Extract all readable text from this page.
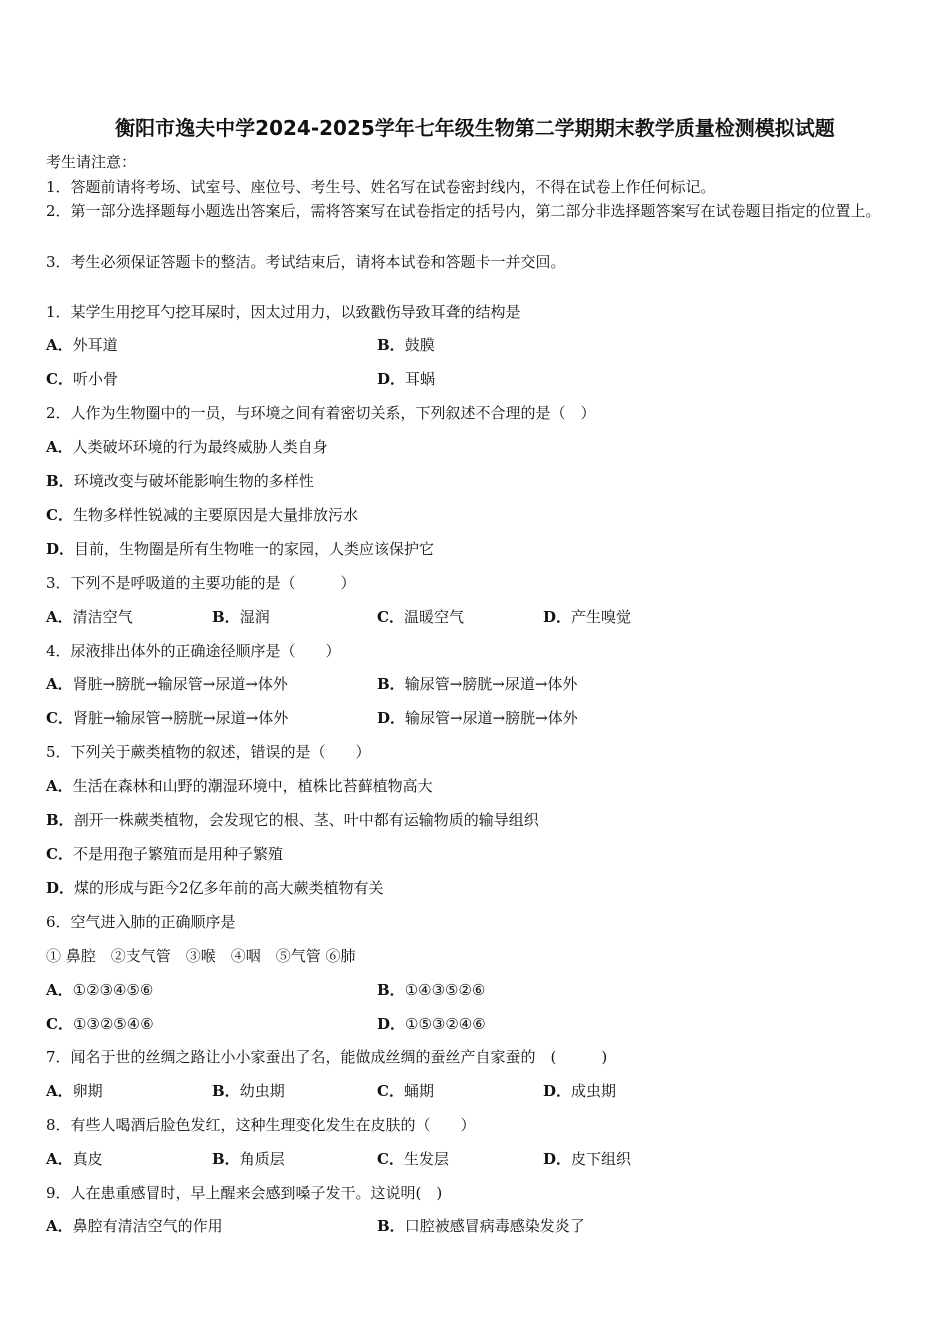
衡阳市逸夫中学2024-2025学年七年级生物第二学期期末教学质量检测模拟试题
考生请注意：
1．答题前请将考场、试室号、座位号、考生号、姓名写在试卷密封线内，不得在试卷上作任何标记。
2．第一部分选择题每小题选出答案后，需将答案写在试卷指定的括号内，第二部分非选择题答案写在试卷题目指定的位置上。
3．考生必须保证答题卡的整洁。考试结束后，请将本试卷和答题卡一并交回。
1．某学生用挖耳勺挖耳屎时，因太过用力，以致戳伤导致耳聋的结构是
A．外耳道	B．鼓膜
C．听小骨	D．耳蜗
2．人作为生物圈中的一员，与环境之间有着密切关系，下列叙述不合理的是（　）
A．人类破坏环境的行为最终威胁人类自身
B．环境改变与破坏能影响生物的多样性
C．生物多样性锐减的主要原因是大量排放污水
D．目前，生物圈是所有生物唯一的家园，人类应该保护它
3．下列不是呼吸道的主要功能的是（　　　）
A．清洁空气	B．湿润	C．温暖空气	D．产生嗅觉
4．尿液排出体外的正确途径顺序是（　　）
A．肾脏→膀胱→输尿管→尿道→体外	B．输尿管→膀胱→尿道→体外
C．肾脏→输尿管→膀胱→尿道→体外	D．输尿管→尿道→膀胱→体外
5．下列关于蕨类植物的叙述，错误的是（　　）
A．生活在森林和山野的潮湿环境中，植株比苔藓植物高大
B．剖开一株蕨类植物，会发现它的根、茎、叶中都有运输物质的输导组织
C．不是用孢子繁殖而是用种子繁殖
D．煤的形成与距今2亿多年前的高大蕨类植物有关
6．空气进入肺的正确顺序是
① 鼻腔　②支气管　③喉　④咽　⑤气管 ⑥肺
A．①②③④⑤⑥	B．①④③⑤②⑥
C．①③②⑤④⑥	D．①⑤③②④⑥
7．闻名于世的丝绸之路让小小家蚕出了名，能做成丝绸的蚕丝产自家蚕的　(　　　)
A．卵期	B．幼虫期	C．蛹期	D．成虫期
8．有些人喝酒后脸色发红，这种生理变化发生在皮肤的（　　）
A．真皮	B．角质层	C．生发层	D．皮下组织
9．人在患重感冒时，早上醒来会感到嗓子发干。这说明(　)
A．鼻腔有清洁空气的作用	B．口腔被感冒病毒感染发炎了
